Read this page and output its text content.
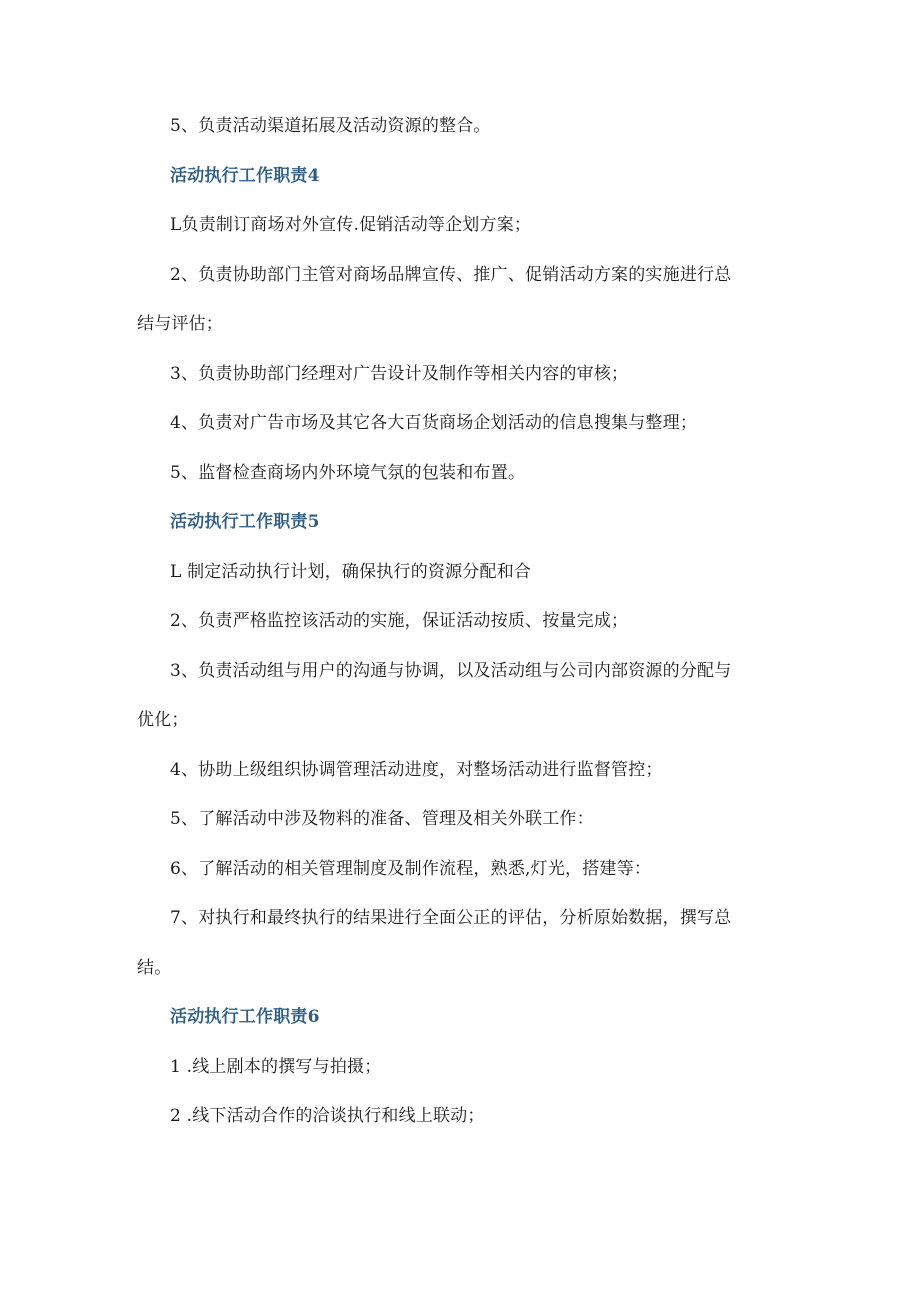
5、负责活动渠道拓展及活动资源的整合。

活动执行工作职责4

L负责制订商场对外宣传.促销活动等企划方案；

2、负责协助部门主管对商场品牌宣传、推广、促销活动方案的实施进行总

结与评估；

3、负责协助部门经理对广告设计及制作等相关内容的审核；

4、负责对广告市场及其它各大百货商场企划活动的信息搜集与整理；

5、监督检查商场内外环境气氛的包装和布置。

活动执行工作职责5

L 制定活动执行计划，确保执行的资源分配和合

2、负责严格监控该活动的实施，保证活动按质、按量完成；

3、负责活动组与用户的沟通与协调，以及活动组与公司内部资源的分配与

优化；

4、协助上级组织协调管理活动进度，对整场活动进行监督管控；

5、了解活动中涉及物料的准备、管理及相关外联工作：

6、了解活动的相关管理制度及制作流程，熟悉,灯光，搭建等：

7、对执行和最终执行的结果进行全面公正的评估，分析原始数据，撰写总

结。

活动执行工作职责6

1 .线上剧本的撰写与拍摄；

2 .线下活动合作的洽谈执行和线上联动；
